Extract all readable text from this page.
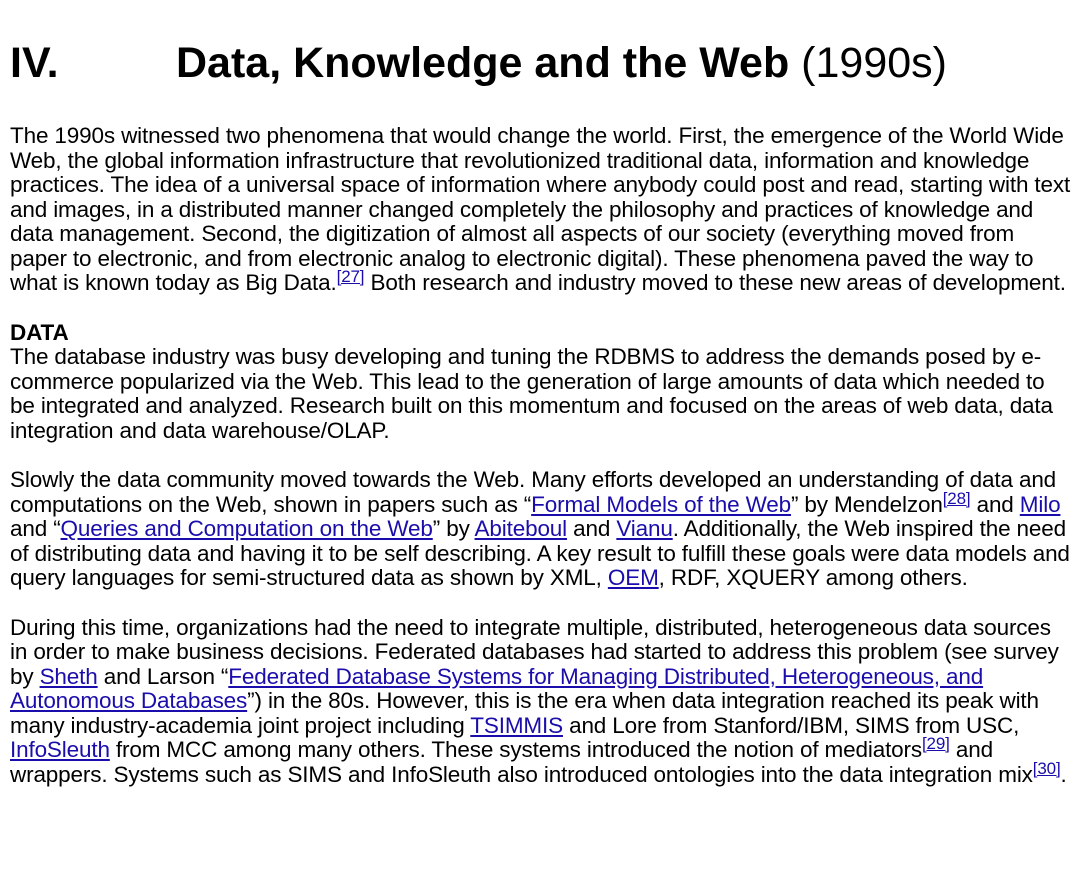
IV.	Data, Knowledge and the Web (1990s)

The 1990s witnessed two phenomena that would change the world. First, the emergence of the World Wide Web, the global information infrastructure that revolutionized traditional data, information and knowledge practices. The idea of a universal space of information where anybody could post and read, starting with text and images, in a distributed manner changed completely the philosophy and practices of knowledge and data management. Second, the digitization of almost all aspects of our society (everything moved from paper to electronic, and from electronic analog to electronic digital). These phenomena paved the way to what is known today as Big Data.[27] Both research and industry moved to these new areas of development.

DATA
The database industry was busy developing and tuning the RDBMS to address the demands posed by e-commerce popularized via the Web. This lead to the generation of large amounts of data which needed to be integrated and analyzed. Research built on this momentum and focused on the areas of web data, data integration and data warehouse/OLAP.

Slowly the data community moved towards the Web. Many efforts developed an understanding of data and computations on the Web, shown in papers such as “Formal Models of the Web” by Mendelzon[28] and Milo and “Queries and Computation on the Web” by Abiteboul and Vianu. Additionally, the Web inspired the need of distributing data and having it to be self describing. A key result to fulfill these goals were data models and query languages for semi-structured data as shown by XML, OEM, RDF, XQUERY among others.

During this time, organizations had the need to integrate multiple, distributed, heterogeneous data sources in order to make business decisions. Federated databases had started to address this problem (see survey by Sheth and Larson “Federated Database Systems for Managing Distributed, Heterogeneous, and Autonomous Databases”) in the 80s. However, this is the era when data integration reached its peak with many industry-academia joint project including TSIMMIS and Lore from Stanford/IBM, SIMS from USC, InfoSleuth from MCC among many others. These systems introduced the notion of mediators[29] and wrappers. Systems such as SIMS and InfoSleuth also introduced ontologies into the data integration mix[30].
